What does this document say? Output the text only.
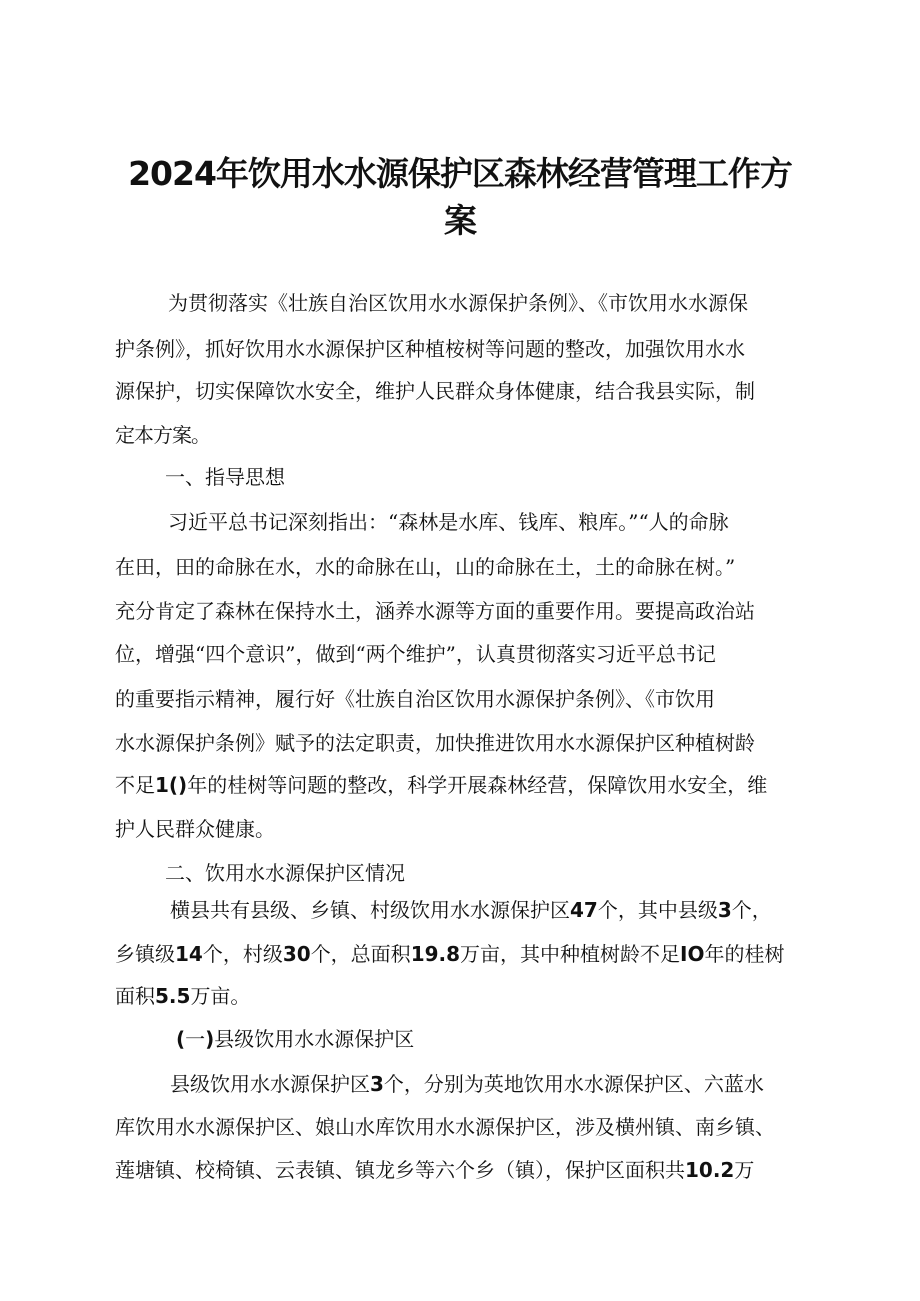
2024年饮用水水源保护区森林经营管理工作方
案
为贯彻落实《壮族自治区饮用水水源保护条例》、《市饮用水水源保
护条例》，抓好饮用水水源保护区种植桉树等问题的整改，加强饮用水水
源保护，切实保障饮水安全，维护人民群众身体健康，结合我县实际，制
定本方案。
一、指导思想
习近平总书记深刻指出：“森林是水库、钱库、粮库。”“人的命脉
在田，田的命脉在水，水的命脉在山，山的命脉在土，土的命脉在树。”
充分肯定了森林在保持水土，涵养水源等方面的重要作用。要提高政治站
位，增强“四个意识”，做到“两个维护”，认真贯彻落实习近平总书记
的重要指示精神，履行好《壮族自治区饮用水源保护条例》、《市饮用
水水源保护条例》赋予的法定职责，加快推进饮用水水源保护区种植树龄
不足1()年的桂树等问题的整改，科学开展森林经营，保障饮用水安全，维
护人民群众健康。
二、饮用水水源保护区情况
横县共有县级、乡镇、村级饮用水水源保护区47个，其中县级3个，
乡镇级14个，村级30个，总面积19.8万亩，其中种植树龄不足IO年的桂树
面积5.5万亩。
(一)县级饮用水水源保护区
县级饮用水水源保护区3个，分别为英地饮用水水源保护区、六蓝水
库饮用水水源保护区、娘山水库饮用水水源保护区，涉及横州镇、南乡镇、
莲塘镇、校椅镇、云表镇、镇龙乡等六个乡（镇），保护区面积共10.2万
